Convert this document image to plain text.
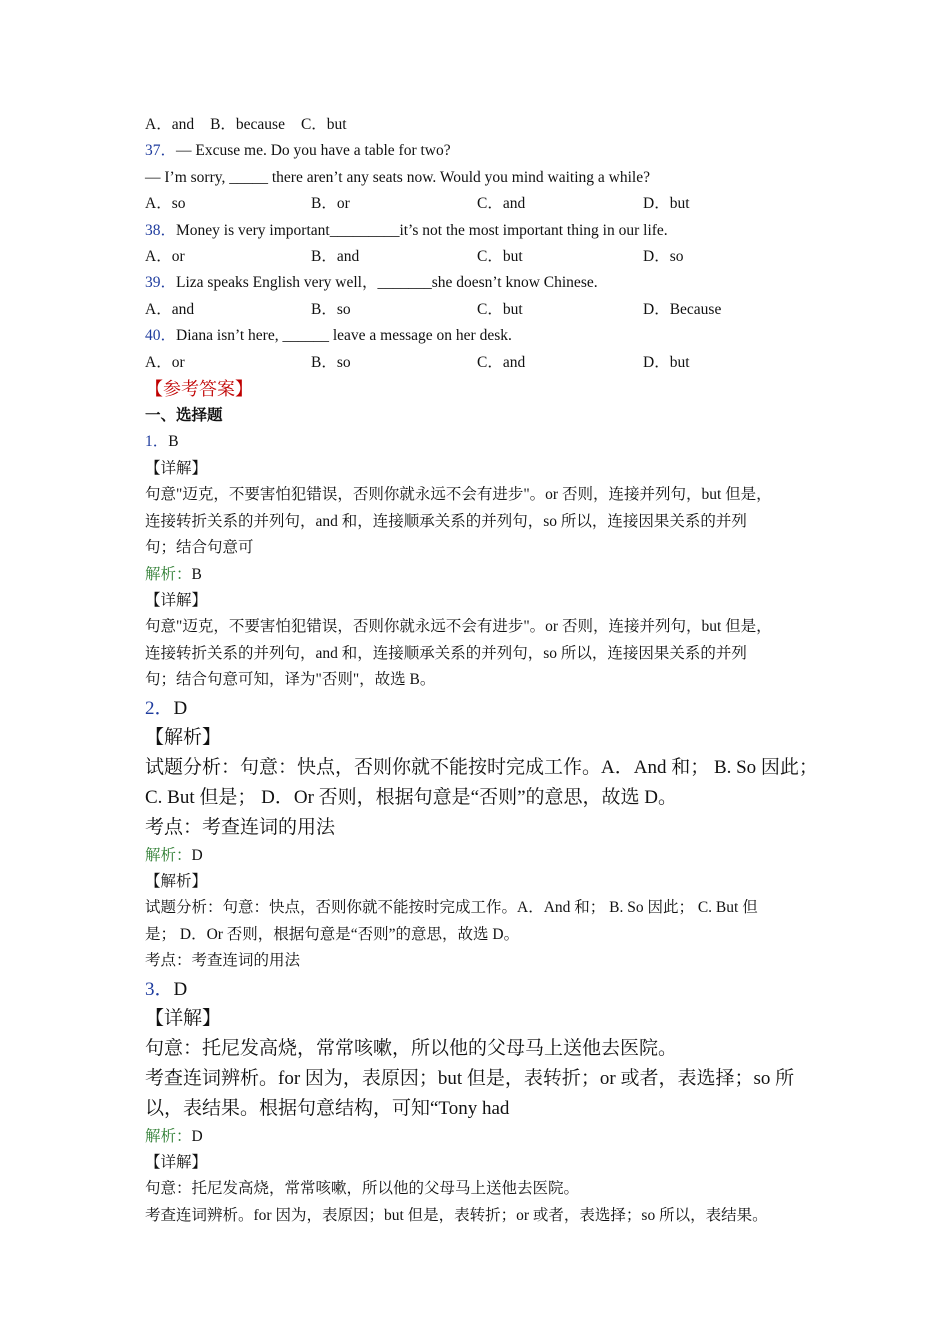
A．and B．because C．but
37．— Excuse me. Do you have a table for two?
— I’m sorry, _____ there aren’t any seats now. Would you mind waiting a while?
A．so	B．or	C．and	D．but
38．Money is very important_________it’s not the most important thing in our life.
A．or	B．and	C．but	D．so
39．Liza speaks English very well，_______she doesn’t know Chinese.
A．and	B．so	C．but	D．Because
40．Diana isn’t here, ______ leave a message on her desk.
A．or	B．so	C．and	D．but
【参考答案】
一、选择题
1．B
【详解】
句意"迈克，不要害怕犯错误，否则你就永远不会有进步"。or 否则，连接并列句，but 但是，
连接转折关系的并列句，and 和，连接顺承关系的并列句，so 所以，连接因果关系的并列
句；结合句意可
解析：B
【详解】
句意"迈克，不要害怕犯错误，否则你就永远不会有进步"。or 否则，连接并列句，but 但是，
连接转折关系的并列句，and 和，连接顺承关系的并列句，so 所以，连接因果关系的并列
句；结合句意可知，译为"否则"，故选 B。
2．D
【解析】
试题分析：句意：快点，否则你就不能按时完成工作。A．And 和； B. So 因此；
C. But 但是； D．Or 否则，根据句意是“否则”的意思，故选 D。
考点：考查连词的用法
解析：D
【解析】
试题分析：句意：快点，否则你就不能按时完成工作。A．And 和； B. So 因此； C. But 但
是； D．Or 否则，根据句意是“否则”的意思，故选 D。
考点：考查连词的用法
3．D
【详解】
句意：托尼发高烧，常常咳嗽，所以他的父母马上送他去医院。
考查连词辨析。for 因为，表原因；but 但是，表转折；or 或者，表选择；so 所
以，表结果。根据句意结构，可知“Tony had
解析：D
【详解】
句意：托尼发高烧，常常咳嗽，所以他的父母马上送他去医院。
考查连词辨析。for 因为，表原因；but 但是，表转折；or 或者，表选择；so 所以，表结果。
